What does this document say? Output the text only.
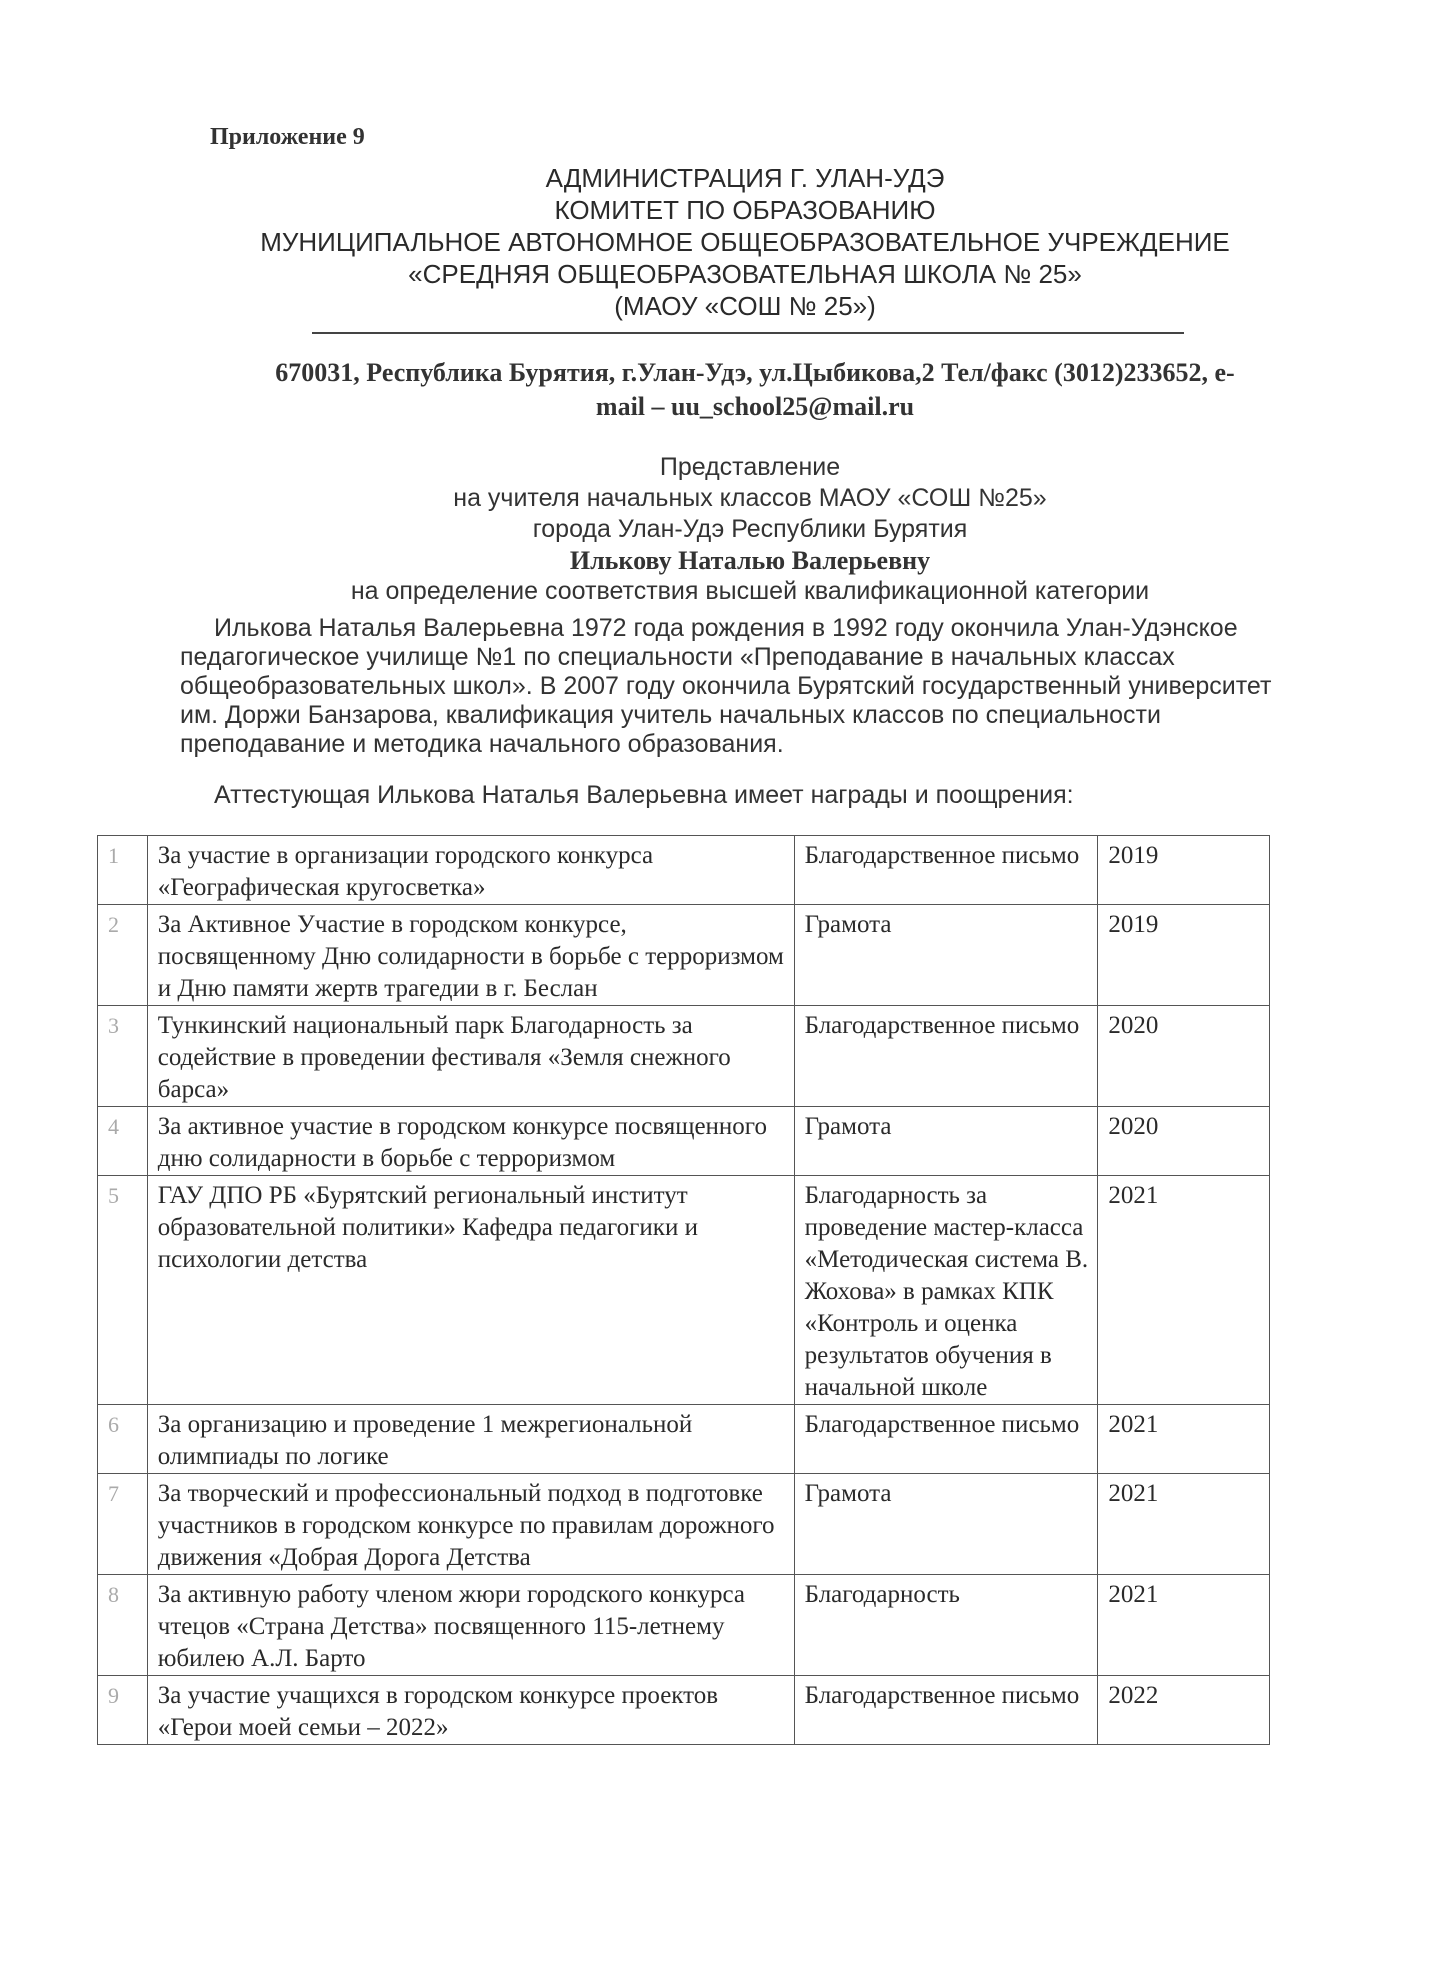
Приложение 9
АДМИНИСТРАЦИЯ Г. УЛАН-УДЭ
КОМИТЕТ ПО ОБРАЗОВАНИЮ
МУНИЦИПАЛЬНОЕ АВТОНОМНОЕ ОБЩЕОБРАЗОВАТЕЛЬНОЕ УЧРЕЖДЕНИЕ
«СРЕДНЯЯ ОБЩЕОБРАЗОВАТЕЛЬНАЯ ШКОЛА № 25»
(МАОУ «СОШ № 25»)
670031, Республика Бурятия, г.Улан-Удэ, ул.Цыбикова,2 Тел/факс (3012)233652, e-
mail – uu_school25@mail.ru
Представление
на учителя начальных классов МАОУ «СОШ №25»
города Улан-Удэ Республики Бурятия
Илькову Наталью Валерьевну
на определение соответствия высшей квалификационной категории
Илькова Наталья Валерьевна 1972 года рождения в 1992 году окончила Улан-Удэнское
педагогическое училище №1 по специальности «Преподавание в начальных классах
общеобразовательных школ». В 2007 году окончила Бурятский государственный университет
им. Доржи Банзарова, квалификация учитель начальных классов по специальности
преподавание и методика начального образования.
Аттестующая Илькова Наталья Валерьевна имеет награды и поощрения:
1	За участие в организации городского конкурса «Географическая кругосветка»	Благодарственное письмо	2019
2	За Активное Участие в городском конкурсе, посвященному Дню солидарности в борьбе с терроризмом и Дню памяти жертв трагедии в г. Беслан	Грамота	2019
3	Тункинский национальный парк Благодарность за содействие в проведении фестиваля «Земля снежного барса»	Благодарственное письмо	2020
4	За активное участие в городском конкурсе посвященного дню солидарности в борьбе с терроризмом	Грамота	2020
5	ГАУ ДПО РБ «Бурятский региональный институт образовательной политики» Кафедра педагогики и психологии детства	Благодарность за проведение мастер-класса «Методическая система В. Жохова» в рамках КПК «Контроль и оценка результатов обучения в начальной школе	2021
6	За организацию и проведение 1 межрегиональной олимпиады по логике	Благодарственное письмо	2021
7	За творческий и профессиональный подход в подготовке участников в городском конкурсе по правилам дорожного движения «Добрая Дорога Детства	Грамота	2021
8	За активную работу членом жюри городского конкурса чтецов «Страна Детства» посвященного 115-летнему юбилею А.Л. Барто	Благодарность	2021
9	За участие учащихся в городском конкурсе проектов «Герои моей семьи – 2022»	Благодарственное письмо	2022
